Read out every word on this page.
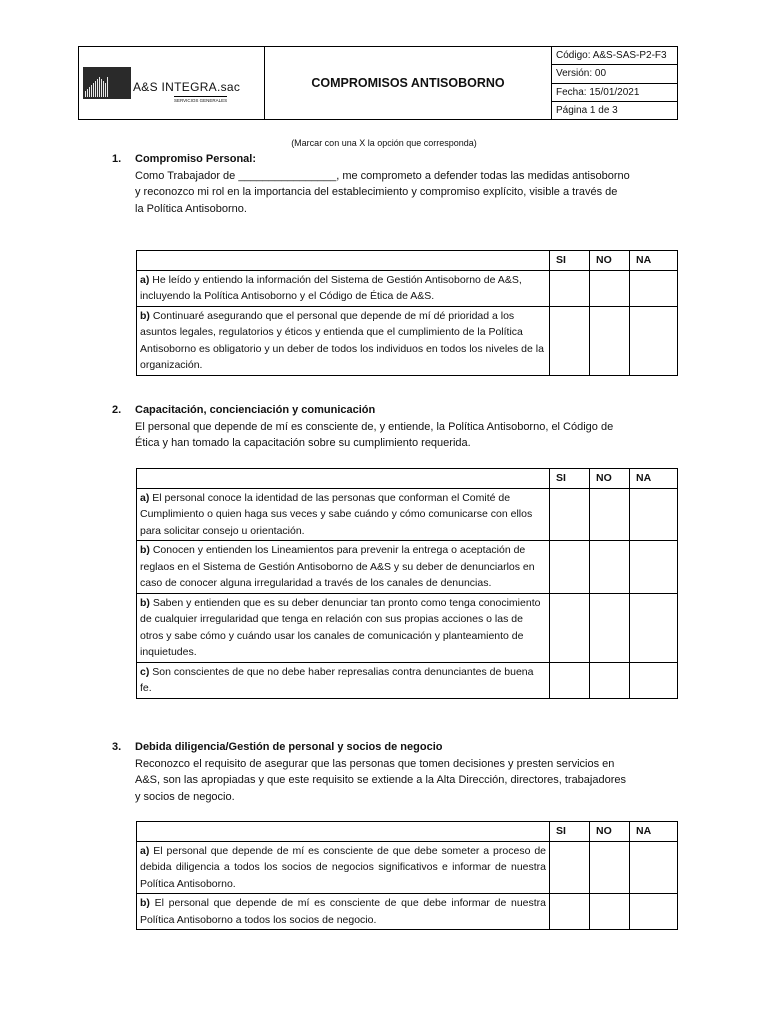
A&S INTEGRA.sac
SERVICIOS GENERALES
COMPROMISOS ANTISOBORNO
Código: A&S-SAS-P2-F3
Versión: 00
Fecha: 15/01/2021
Página 1 de 3
(Marcar con una X la opción que corresponda)
1.	Compromiso Personal:
Como Trabajador de ________________, me comprometo a defender todas las medidas antisoborno
y reconozco mi rol en la importancia del establecimiento y compromiso explícito, visible a través de
la Política Antisoborno.
	SI	NO	NA
a) He leído y entiendo la información del Sistema de Gestión Antisoborno de A&S, incluyendo la Política Antisoborno y el Código de Ética de A&S.			
b) Continuaré asegurando que el personal que depende de mí dé prioridad a los asuntos legales, regulatorios y éticos y entienda que el cumplimiento de la Política Antisoborno es obligatorio y un deber de todos los individuos en todos los niveles de la organización.			
2.	Capacitación, concienciación y comunicación
El personal que depende de mí es consciente de, y entiende, la Política Antisoborno, el Código de
Ética y han tomado la capacitación sobre su cumplimiento requerida.
	SI	NO	NA
a) El personal conoce la identidad de las personas que conforman el Comité de Cumplimiento o quien haga sus veces y sabe cuándo y cómo comunicarse con ellos para solicitar consejo u orientación.			
b) Conocen y entienden los Lineamientos para prevenir la entrega o aceptación de reglaos en el Sistema de Gestión Antisoborno de A&S y su deber de denunciarlos en caso de conocer alguna irregularidad a través de los canales de denuncias.			
b) Saben y entienden que es su deber denunciar tan pronto como tenga conocimiento de cualquier irregularidad que tenga en relación con sus propias acciones o las de otros y sabe cómo y cuándo usar los canales de comunicación y planteamiento de inquietudes.			
c) Son conscientes de que no debe haber represalias contra denunciantes de buena fe.			
3.	Debida diligencia/Gestión de personal y socios de negocio
Reconozco el requisito de asegurar que las personas que tomen decisiones y presten servicios en
A&S, son las apropiadas y que este requisito se extiende a la Alta Dirección, directores, trabajadores
y socios de negocio.
	SI	NO	NA
a) El personal que depende de mí es consciente de que debe someter a proceso de debida diligencia a todos los socios de negocios significativos e informar de nuestra Política Antisoborno.			
b) El personal que depende de mí es consciente de que debe informar de nuestra Política Antisoborno a todos los socios de negocio.			
